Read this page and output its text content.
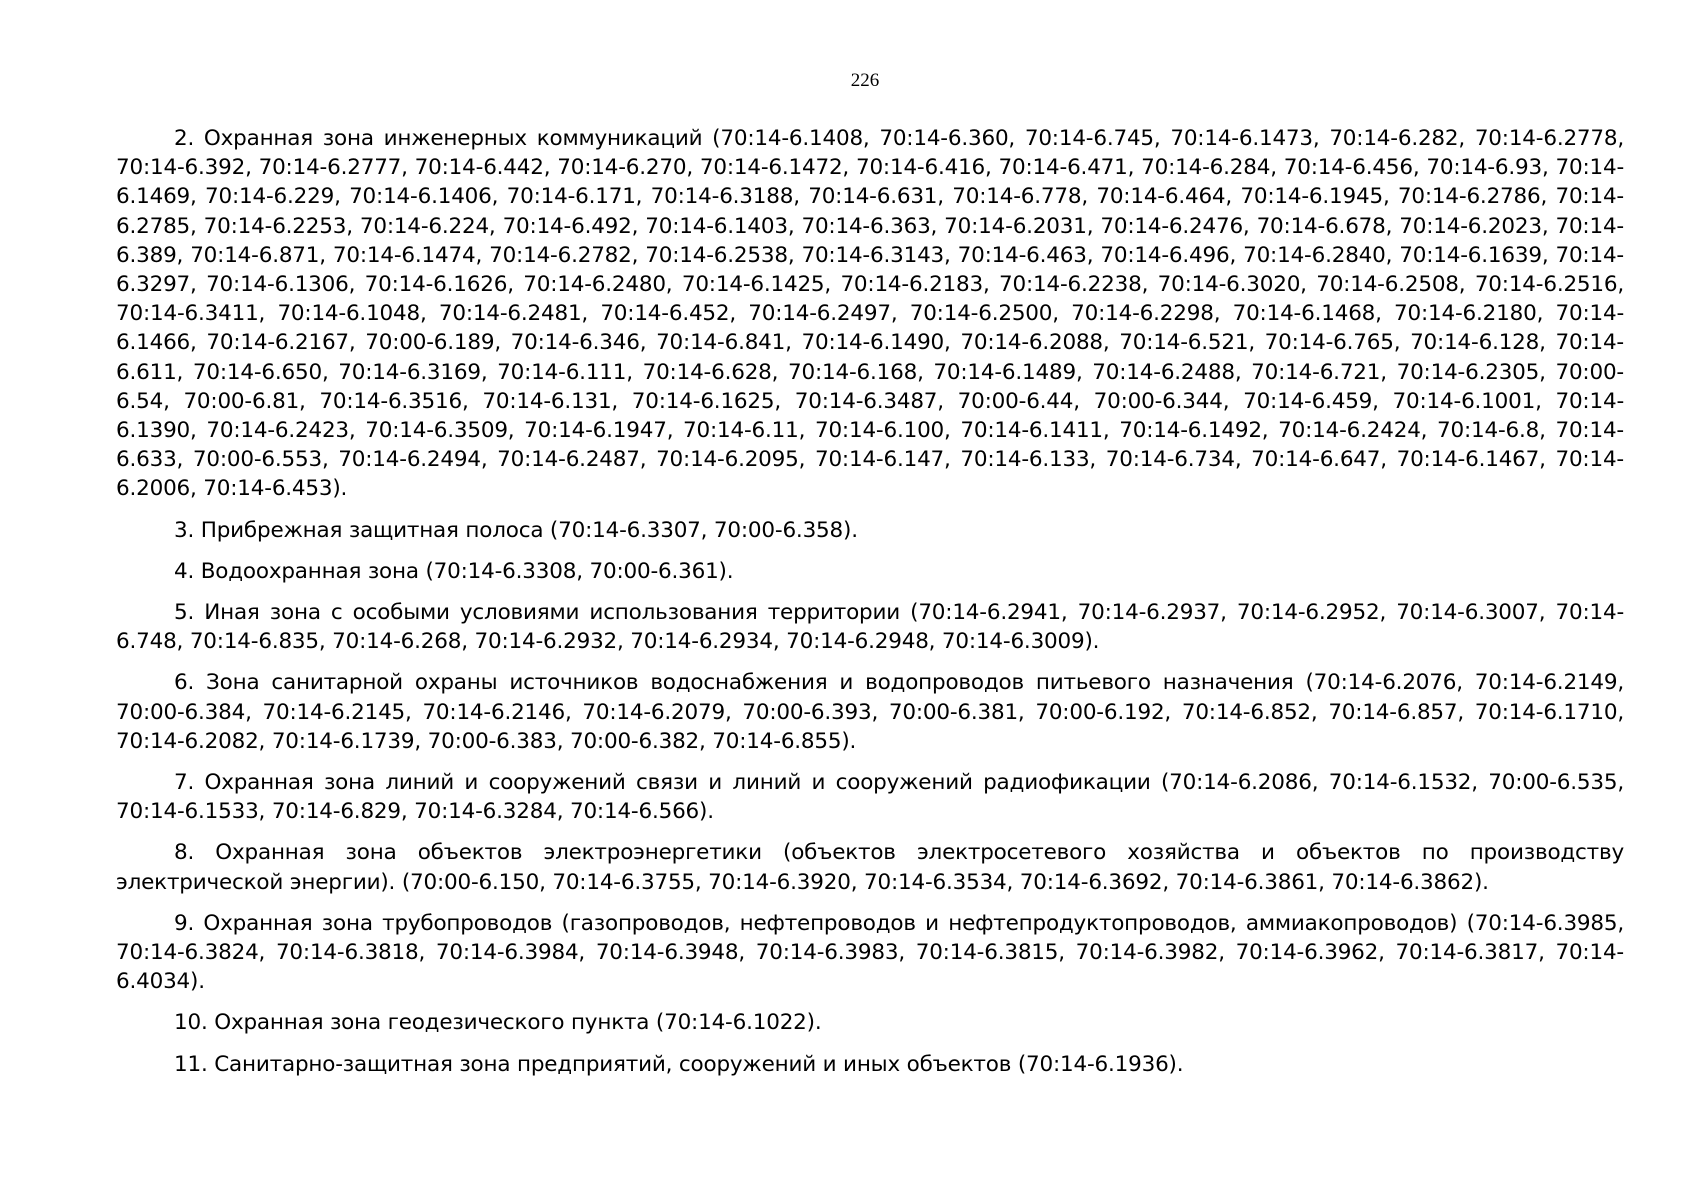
226

2. Охранная зона инженерных коммуникаций (70:14-6.1408, 70:14-6.360, 70:14-6.745, 70:14-6.1473, 70:14-6.282, 70:14-6.2778, 70:14-6.392, 70:14-6.2777, 70:14-6.442, 70:14-6.270, 70:14-6.1472, 70:14-6.416, 70:14-6.471, 70:14-6.284, 70:14-6.456, 70:14-6.93, 70:14-6.1469, 70:14-6.229, 70:14-6.1406, 70:14-6.171, 70:14-6.3188, 70:14-6.631, 70:14-6.778, 70:14-6.464, 70:14-6.1945, 70:14-6.2786, 70:14-6.2785, 70:14-6.2253, 70:14-6.224, 70:14-6.492, 70:14-6.1403, 70:14-6.363, 70:14-6.2031, 70:14-6.2476, 70:14-6.678, 70:14-6.2023, 70:14-6.389, 70:14-6.871, 70:14-6.1474, 70:14-6.2782, 70:14-6.2538, 70:14-6.3143, 70:14-6.463, 70:14-6.496, 70:14-6.2840, 70:14-6.1639, 70:14-6.3297, 70:14-6.1306, 70:14-6.1626, 70:14-6.2480, 70:14-6.1425, 70:14-6.2183, 70:14-6.2238, 70:14-6.3020, 70:14-6.2508, 70:14-6.2516, 70:14-6.3411, 70:14-6.1048, 70:14-6.2481, 70:14-6.452, 70:14-6.2497, 70:14-6.2500, 70:14-6.2298, 70:14-6.1468, 70:14-6.2180, 70:14-6.1466, 70:14-6.2167, 70:00-6.189, 70:14-6.346, 70:14-6.841, 70:14-6.1490, 70:14-6.2088, 70:14-6.521, 70:14-6.765, 70:14-6.128, 70:14-6.611, 70:14-6.650, 70:14-6.3169, 70:14-6.111, 70:14-6.628, 70:14-6.168, 70:14-6.1489, 70:14-6.2488, 70:14-6.721, 70:14-6.2305, 70:00-6.54, 70:00-6.81, 70:14-6.3516, 70:14-6.131, 70:14-6.1625, 70:14-6.3487, 70:00-6.44, 70:00-6.344, 70:14-6.459, 70:14-6.1001, 70:14-6.1390, 70:14-6.2423, 70:14-6.3509, 70:14-6.1947, 70:14-6.11, 70:14-6.100, 70:14-6.1411, 70:14-6.1492, 70:14-6.2424, 70:14-6.8, 70:14-6.633, 70:00-6.553, 70:14-6.2494, 70:14-6.2487, 70:14-6.2095, 70:14-6.147, 70:14-6.133, 70:14-6.734, 70:14-6.647, 70:14-6.1467, 70:14-6.2006, 70:14-6.453).

3. Прибрежная защитная полоса (70:14-6.3307, 70:00-6.358).

4. Водоохранная зона (70:14-6.3308, 70:00-6.361).

5. Иная зона с особыми условиями использования территории (70:14-6.2941, 70:14-6.2937, 70:14-6.2952, 70:14-6.3007, 70:14-6.748, 70:14-6.835, 70:14-6.268, 70:14-6.2932, 70:14-6.2934, 70:14-6.2948, 70:14-6.3009).

6. Зона санитарной охраны источников водоснабжения и водопроводов питьевого назначения (70:14-6.2076, 70:14-6.2149, 70:00-6.384, 70:14-6.2145, 70:14-6.2146, 70:14-6.2079, 70:00-6.393, 70:00-6.381, 70:00-6.192, 70:14-6.852, 70:14-6.857, 70:14-6.1710, 70:14-6.2082, 70:14-6.1739, 70:00-6.383, 70:00-6.382, 70:14-6.855).

7. Охранная зона линий и сооружений связи и линий и сооружений радиофикации (70:14-6.2086, 70:14-6.1532, 70:00-6.535, 70:14-6.1533, 70:14-6.829, 70:14-6.3284, 70:14-6.566).

8. Охранная зона объектов электроэнергетики (объектов электросетевого хозяйства и объектов по производству электрической энергии). (70:00-6.150, 70:14-6.3755, 70:14-6.3920, 70:14-6.3534, 70:14-6.3692, 70:14-6.3861, 70:14-6.3862).

9. Охранная зона трубопроводов (газопроводов, нефтепроводов и нефтепродуктопроводов, аммиакопроводов) (70:14-6.3985, 70:14-6.3824, 70:14-6.3818, 70:14-6.3984, 70:14-6.3948, 70:14-6.3983, 70:14-6.3815, 70:14-6.3982, 70:14-6.3962, 70:14-6.3817, 70:14-6.4034).

10. Охранная зона геодезического пункта (70:14-6.1022).

11. Санитарно-защитная зона предприятий, сооружений и иных объектов (70:14-6.1936).
